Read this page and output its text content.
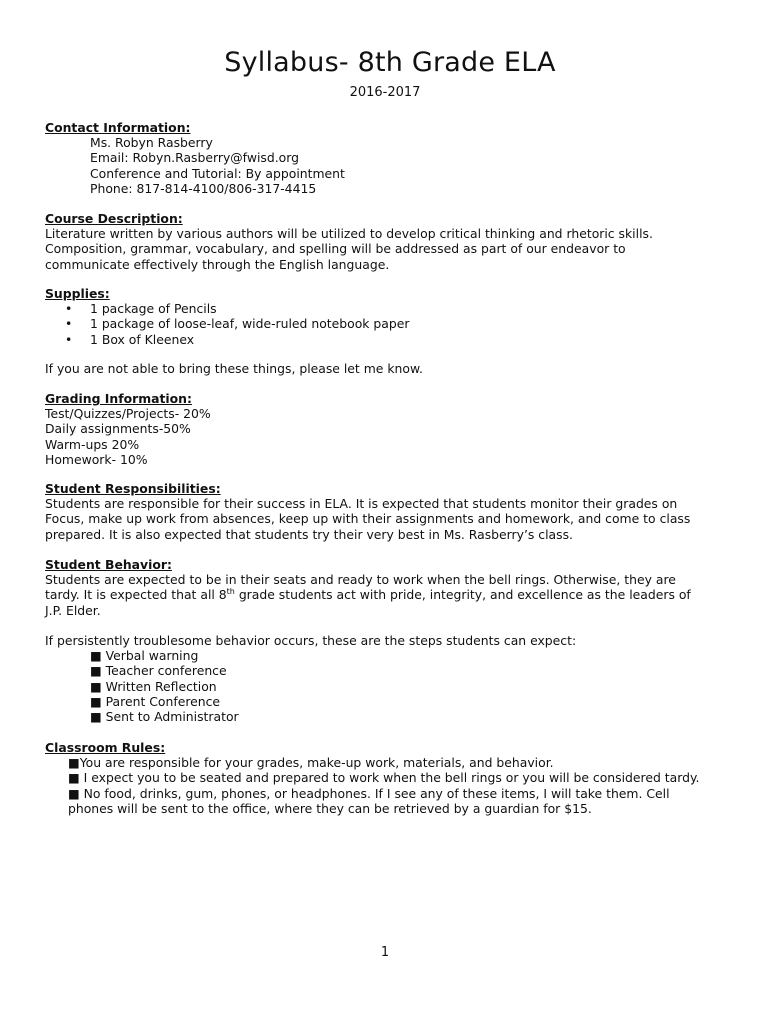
Syllabus- 8th Grade ELA
2016-2017
Contact Information:
Ms. Robyn Rasberry
Email: Robyn.Rasberry@fwisd.org
Conference and Tutorial: By appointment
Phone: 817-814-4100/806-317-4415
Course Description:
Literature written by various authors will be utilized to develop critical thinking and rhetoric skills.
Composition, grammar, vocabulary, and spelling will be addressed as part of our endeavor to
communicate effectively through the English language.
Supplies:
• 1 package of Pencils
• 1 package of loose-leaf, wide-ruled notebook paper
• 1 Box of Kleenex
If you are not able to bring these things, please let me know.
Grading Information:
Test/Quizzes/Projects- 20%
Daily assignments-50%
Warm-ups 20%
Homework- 10%
Student Responsibilities:
Students are responsible for their success in ELA. It is expected that students monitor their grades on
Focus, make up work from absences, keep up with their assignments and homework, and come to class
prepared. It is also expected that students try their very best in Ms. Rasberry’s class.
Student Behavior:
Students are expected to be in their seats and ready to work when the bell rings. Otherwise, they are
tardy. It is expected that all 8th grade students act with pride, integrity, and excellence as the leaders of
J.P. Elder.
If persistently troublesome behavior occurs, these are the steps students can expect:
■ Verbal warning
■ Teacher conference
■ Written Reflection
■ Parent Conference
■ Sent to Administrator
Classroom Rules:
■You are responsible for your grades, make-up work, materials, and behavior.
■ I expect you to be seated and prepared to work when the bell rings or you will be considered tardy.
■ No food, drinks, gum, phones, or headphones. If I see any of these items, I will take them. Cell
phones will be sent to the office, where they can be retrieved by a guardian for $15.
1
